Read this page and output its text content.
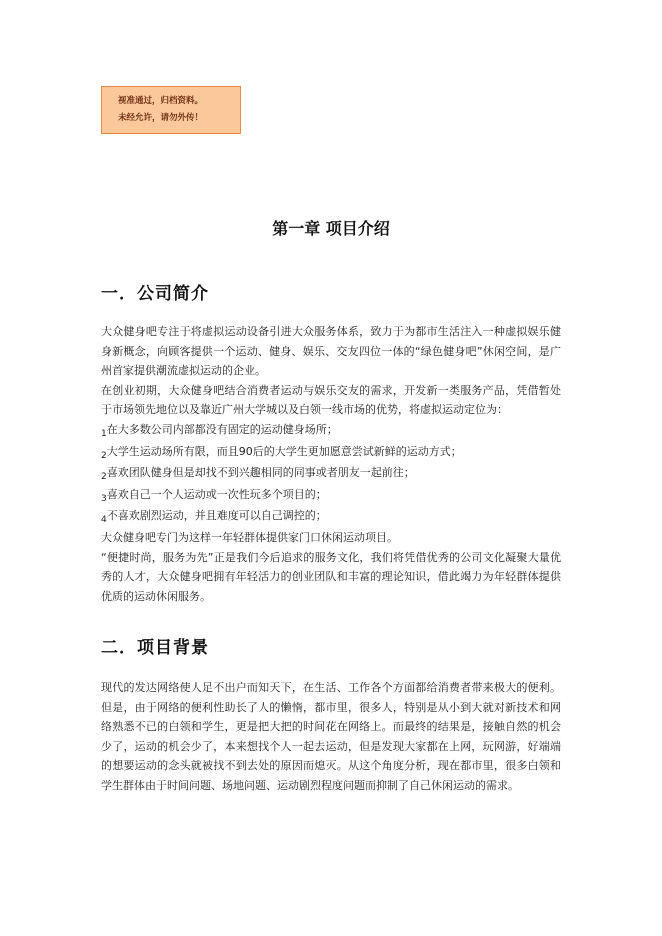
视准通过，归档资料。
未经允许，请勿外传！
第一章 项目介绍
一．公司简介

大众健身吧专注于将虚拟运动设备引进大众服务体系，致力于为都市生活注入一种虚拟娱乐健身新概念，向顾客提供一个运动、健身、娱乐、交友四位一体的“绿色健身吧”休闲空间，是广州首家提供潮流虚拟运动的企业。

在创业初期，大众健身吧结合消费者运动与娱乐交友的需求，开发新一类服务产品，凭借暂处于市场领先地位以及靠近广州大学城以及白领一线市场的优势，将虚拟运动定位为：

$_1$在大多数公司内部都没有固定的运动健身场所；
$_2$大学生运动场所有限，而且90后的大学生更加愿意尝试新鲜的运动方式；
$_2$喜欢团队健身但是却找不到兴趣相同的同事或者朋友一起前往；
$_3$喜欢自己一个人运动或一次性玩多个项目的；
$_4$不喜欢剧烈运动，并且难度可以自己调控的；

大众健身吧专门为这样一年轻群体提供家门口休闲运动项目。

“便捷时尚，服务为先”正是我们今后追求的服务文化，我们将凭借优秀的公司文化凝聚大量优秀的人才，大众健身吧拥有年轻活力的创业团队和丰富的理论知识，借此竭力为年轻群体提供优质的运动休闲服务。

二．项目背景

现代的发达网络使人足不出户而知天下，在生活、工作各个方面都给消费者带来极大的便利。但是，由于网络的便利性助长了人的懒惰，都市里，很多人，特别是从小到大就对新技术和网络熟悉不已的白领和学生，更是把大把的时间花在网络上。而最终的结果是，接触自然的机会少了，运动的机会少了，本来想找个人一起去运动，但是发现大家都在上网，玩网游，好端端的想要运动的念头就被找不到去处的原因而熄灭。从这个角度分析，现在都市里，很多白领和学生群体由于时间问题、场地问题、运动剧烈程度问题而抑制了自己休闲运动的需求。
